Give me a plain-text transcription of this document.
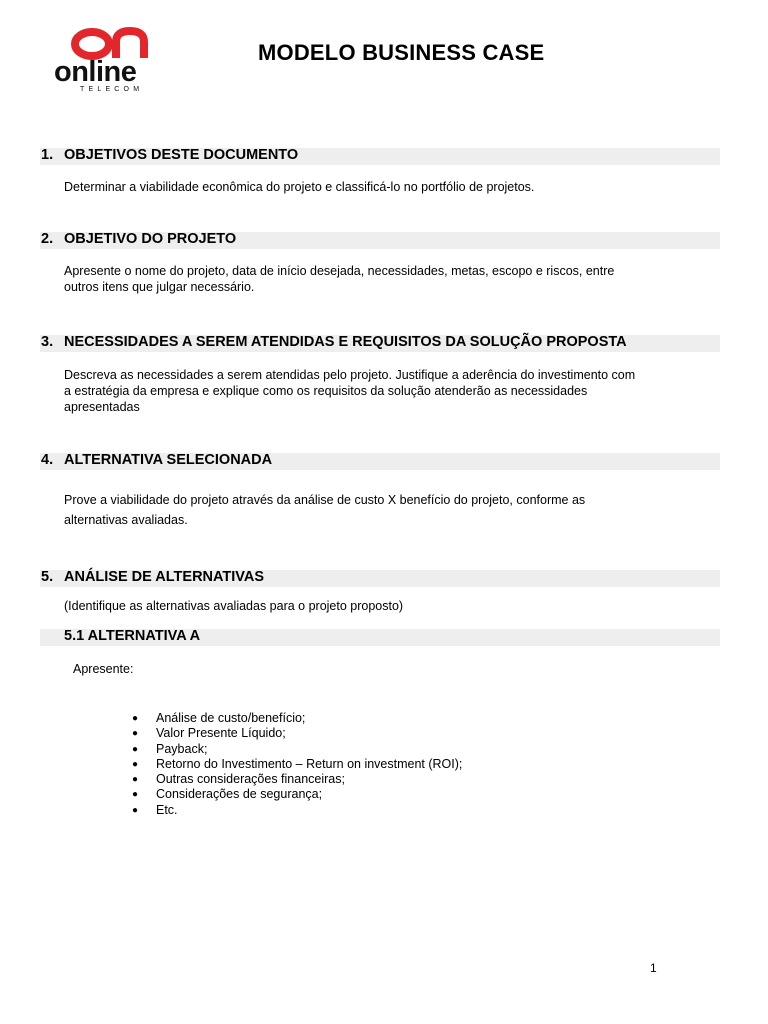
online
TELECOM
MODELO BUSINESS CASE
1. OBJETIVOS DESTE DOCUMENTO
Determinar a viabilidade econômica do projeto e classificá-lo no portfólio de projetos.
2. OBJETIVO DO PROJETO
Apresente o nome do projeto, data de início desejada, necessidades, metas, escopo e riscos, entre
outros itens que julgar necessário.
3. NECESSIDADES A SEREM ATENDIDAS E REQUISITOS DA SOLUÇÃO PROPOSTA
Descreva as necessidades a serem atendidas pelo projeto. Justifique a aderência do investimento com
a estratégia da empresa e explique como os requisitos da solução atenderão as necessidades
apresentadas
4. ALTERNATIVA SELECIONADA
Prove a viabilidade do projeto através da análise de custo X benefício do projeto, conforme as
alternativas avaliadas.
5. ANÁLISE DE ALTERNATIVAS
(Identifique as alternativas avaliadas para o projeto proposto)
5.1 ALTERNATIVA A
Apresente:
● Análise de custo/benefício;
● Valor Presente Líquido;
● Payback;
● Retorno do Investimento – Return on investment (ROI);
● Outras considerações financeiras;
● Considerações de segurança;
● Etc.
1
